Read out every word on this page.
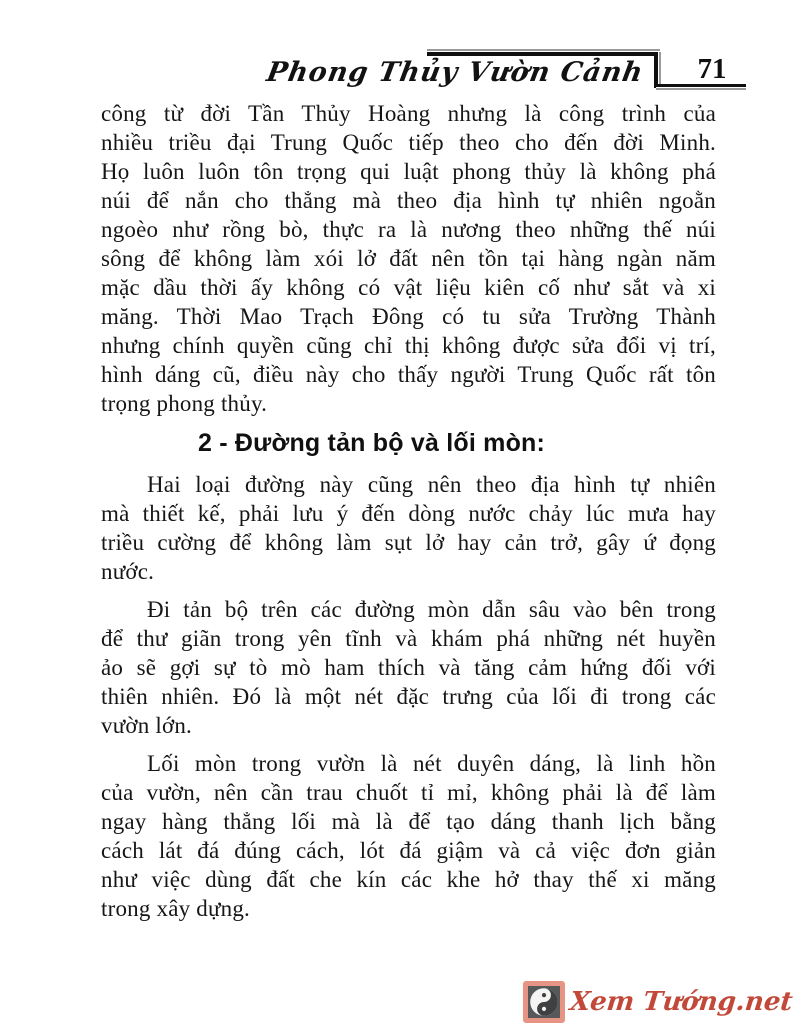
Phong Thủy Vườn Cảnh	71
công từ đời Tần Thủy Hoàng nhưng là công trình của
nhiều triều đại Trung Quốc tiếp theo cho đến đời Minh.
Họ luôn luôn tôn trọng qui luật phong thủy là không phá
núi để nắn cho thẳng mà theo địa hình tự nhiên ngoằn
ngoèo như rồng bò, thực ra là nương theo những thế núi
sông để không làm xói lở đất nên tồn tại hàng ngàn năm
mặc dầu thời ấy không có vật liệu kiên cố như sắt và xi
măng. Thời Mao Trạch Đông có tu sửa Trường Thành
nhưng chính quyền cũng chỉ thị không được sửa đổi vị trí,
hình dáng cũ, điều này cho thấy người Trung Quốc rất tôn
trọng phong thủy.
2 - Đường tản bộ và lối mòn:
Hai loại đường này cũng nên theo địa hình tự nhiên
mà thiết kế, phải lưu ý đến dòng nước chảy lúc mưa hay
triều cường để không làm sụt lở hay cản trở, gây ứ đọng
nước.
Đi tản bộ trên các đường mòn dẫn sâu vào bên trong
để thư giãn trong yên tĩnh và khám phá những nét huyền
ảo sẽ gợi sự tò mò ham thích và tăng cảm hứng đối với
thiên nhiên. Đó là một nét đặc trưng của lối đi trong các
vườn lớn.
Lối mòn trong vườn là nét duyên dáng, là linh hồn
của vườn, nên cần trau chuốt tỉ mỉ, không phải là để làm
ngay hàng thẳng lối mà là để tạo dáng thanh lịch bằng
cách lát đá đúng cách, lót đá giậm và cả việc đơn giản
như việc dùng đất che kín các khe hở thay thế xi măng
trong xây dựng.
Xem Tướng.net
